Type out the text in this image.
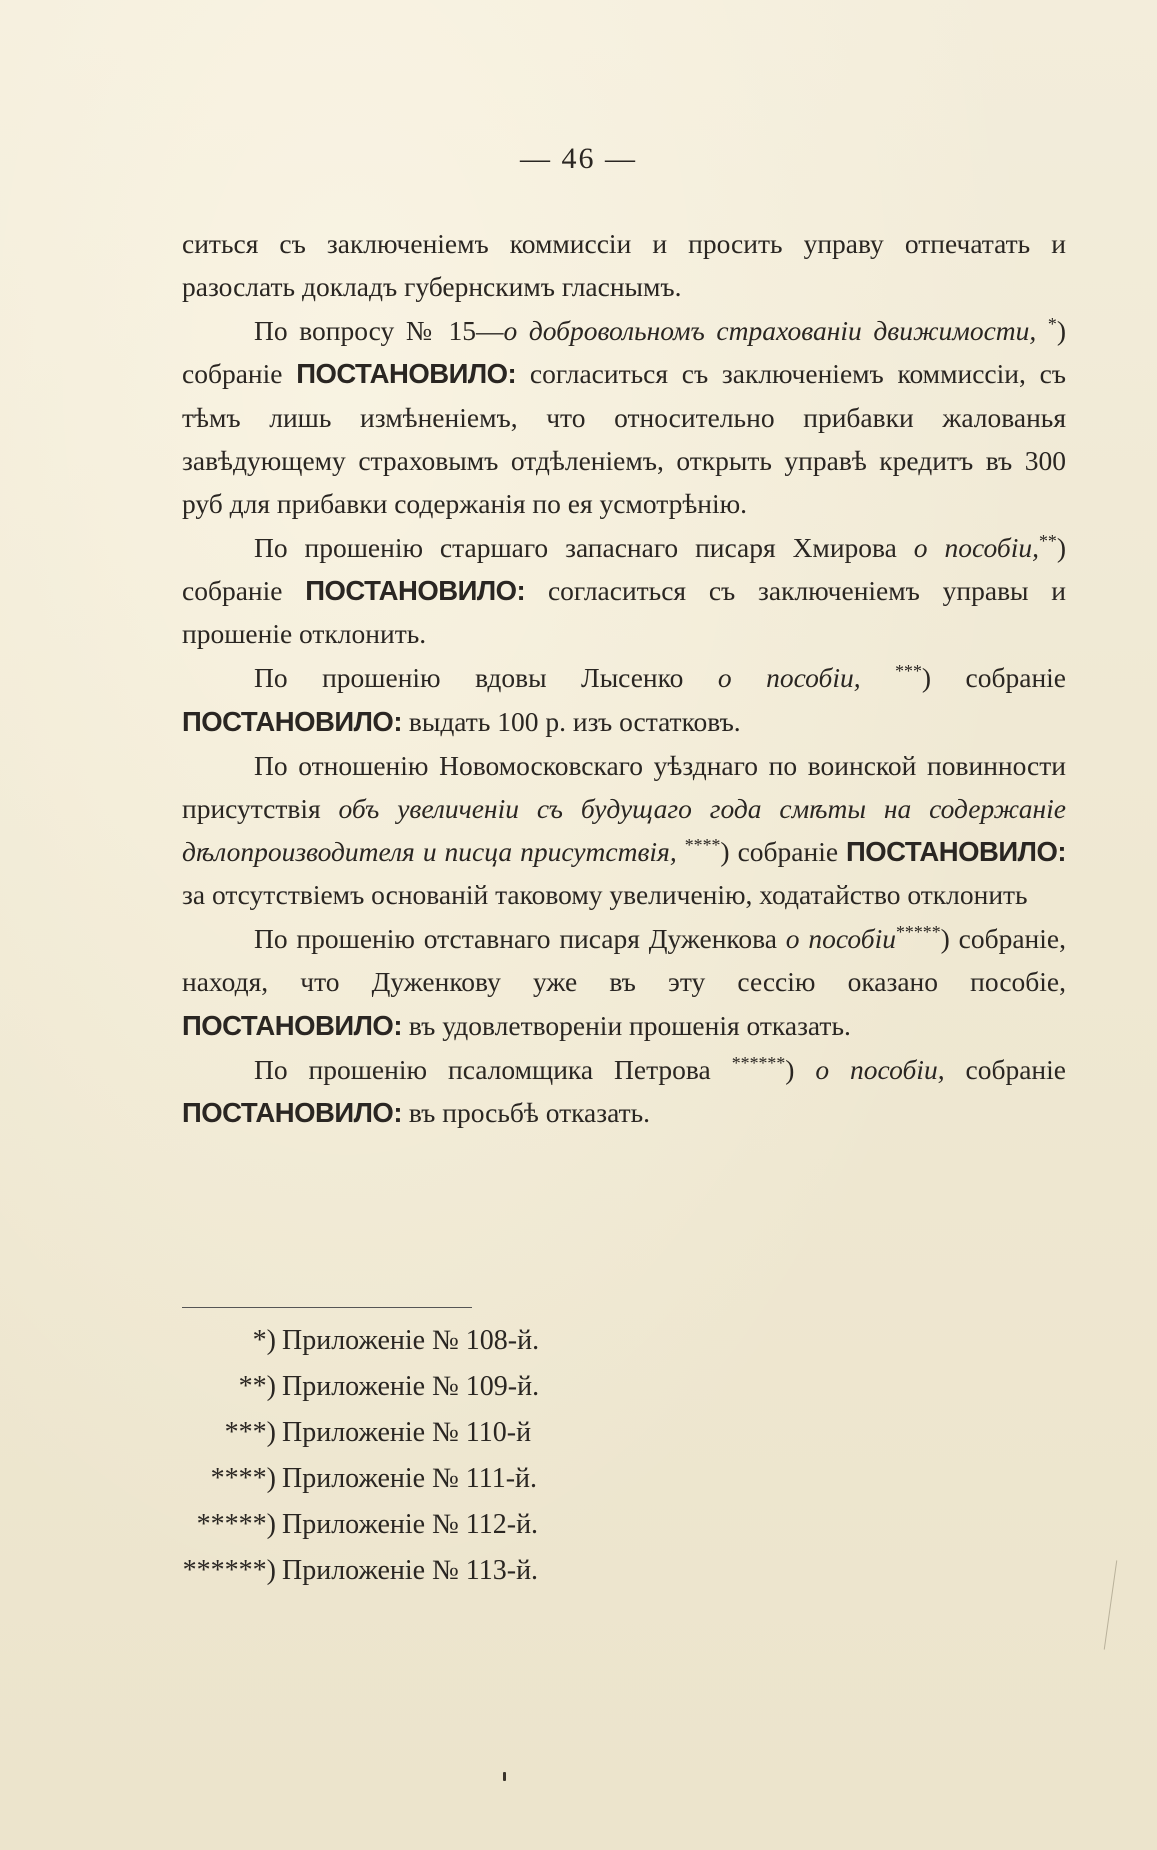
— 46 —

ситься съ заключеніемъ коммиссіи и просить управу отпечатать и разослать докладъ губернскимъ гласнымъ.

По вопросу № 15—о добровольномъ страхованіи движимости, *) собраніе ПОСТАНОВИЛО: согласиться съ заключеніемъ коммиссіи, съ тѣмъ лишь измѣненіемъ, что относительно прибавки жалованья завѣдующему страховымъ отдѣленіемъ, открыть управѣ кредитъ въ 300 руб для прибавки содержанія по ея усмотрѣнію.

По прошенію старшаго запаснаго писаря Хмирова о пособіи,**) собраніе ПОСТАНОВИЛО: согласиться съ заключеніемъ управы и прошеніе отклонить.

По прошенію вдовы Лысенко о пособіи, ***) собраніе ПОСТАНОВИЛО: выдать 100 р. изъ остатковъ.

По отношенію Новомосковскаго уѣзднаго по воинской повинности присутствія объ увеличеніи съ будущаго года смѣты на содержаніе дѣлопроизводителя и писца присутствія, ****) собраніе ПОСТАНОВИЛО: за отсутствіемъ основаній таковому увеличенію, ходатайство отклонить

По прошенію отставнаго писаря Дуженкова о пособіи*****) собраніе, находя, что Дуженкову уже въ эту сессію оказано пособіе, ПОСТАНОВИЛО: въ удовлетвореніи прошенія отказать.

По прошенію псаломщика Петрова ******) о пособіи, собраніе ПОСТАНОВИЛО: въ просьбѣ отказать.

*) Приложеніе № 108-й.
**) Приложеніе № 109-й.
***) Приложеніе № 110-й
****) Приложеніе № 111-й.
*****) Приложеніе № 112-й.
******) Приложеніе № 113-й.
